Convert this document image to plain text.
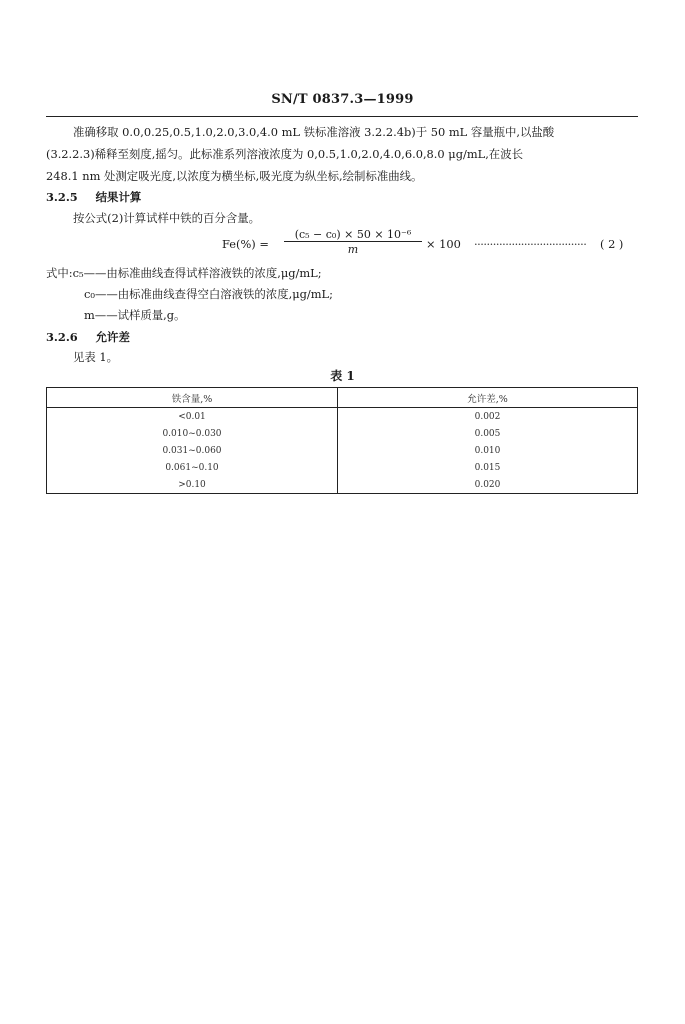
SN/T 0837.3—1999
准确移取 0.0,0.25,0.5,1.0,2.0,3.0,4.0 mL 铁标准溶液 3.2.2.4b)于 50 mL 容量瓶中,以盐酸
(3.2.2.3)稀释至刻度,摇匀。此标准系列溶液浓度为 0,0.5,1.0,2.0,4.0,6.0,8.0 μg/mL,在波长
248.1 nm 处测定吸光度,以浓度为横坐标,吸光度为纵坐标,绘制标准曲线。
3.2.5 结果计算
按公式(2)计算试样中铁的百分含量。
$Fe(\%) = \frac{\text{(c₅ − c₀) × 50 × 10⁻⁶}}{m} \times 100$ ···································· ( 2 )
式中:c₅——由标准曲线查得试样溶液铁的浓度,μg/mL;
c₀——由标准曲线查得空白溶液铁的浓度,μg/mL;
m——试样质量,g。
3.2.6 允许差
见表 1。
表 1
铁含量,%	允许差,%
<0.01	0.002
0.010~0.030	0.005
0.031~0.060	0.010
0.061~0.10	0.015
>0.10	0.020
